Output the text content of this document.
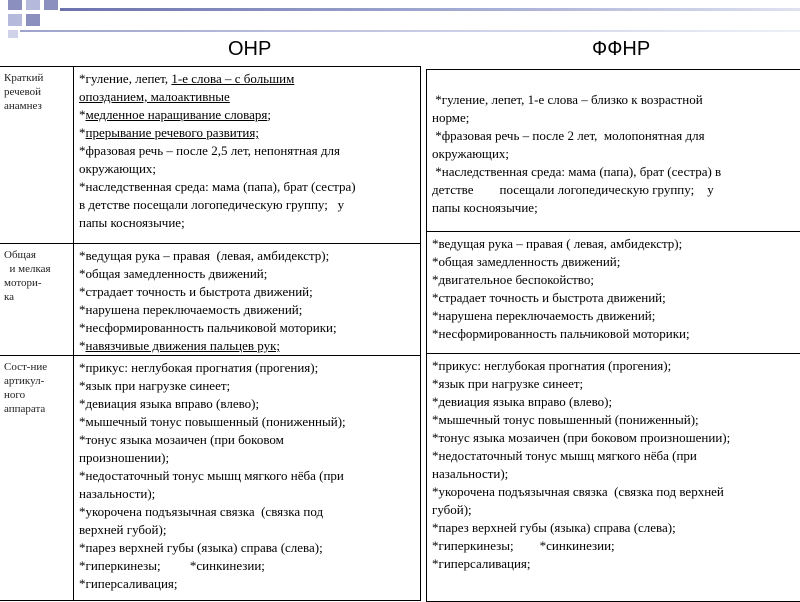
ОНР	ФФНР
Краткий
речевой
анамнез
*гуление, лепет, 1-е слова – с большим
опозданием, малоактивные
*медленное наращивание словаря;
*прерывание речевого развития;
*фразовая речь – после 2,5 лет, непонятная для
окружающих;
*наследственная среда: мама (папа), брат (сестра)
в детстве посещали логопедическую группу;   у
папы косноязычие;
Общая
и мелкая
мотори-
ка
*ведущая рука – правая  (левая, амбидекстр);
*общая замедленность движений;
*страдает точность и быстрота движений;
*нарушена переключаемость движений;
*несформированность пальчиковой моторики;
*навязчивые движения пальцев рук;
Сост-ние
артикул-
ного
аппарата
*прикус: неглубокая прогнатия (прогения);
*язык при нагрузке синеет;
*девиация языка вправо (влево);
*мышечный тонус повышенный (пониженный);
*тонус языка мозаичен (при боковом
произношении);
*недостаточный тонус мышц мягкого нёба (при
назальности);
*укорочена подъязычная связка  (связка под
верхней губой);
*парез верхней губы (языка) справа (слева);
*гиперкинезы;         *синкинезии;
*гиперсаливация;

*гуление, лепет, 1-е слова – близко к возрастной
норме;
*фразовая речь – после 2 лет,  молопонятная для
окружающих;
*наследственная среда: мама (папа), брат (сестра) в
детстве        посещали логопедическую группу;    у
папы косноязычие;
*ведущая рука – правая ( левая, амбидекстр);
*общая замедленность движений;
*двигательное беспокойство;
*страдает точность и быстрота движений;
*нарушена переключаемость движений;
*несформированность пальчиковой моторики;
*прикус: неглубокая прогнатия (прогения);
*язык при нагрузке синеет;
*девиация языка вправо (влево);
*мышечный тонус повышенный (пониженный);
*тонус языка мозаичен (при боковом произношении);
*недостаточный тонус мышц мягкого нёба (при
назальности);
*укорочена подъязычная связка  (связка под верхней
губой);
*парез верхней губы (языка) справа (слева);
*гиперкинезы;        *синкинезии;
*гиперсаливация;
